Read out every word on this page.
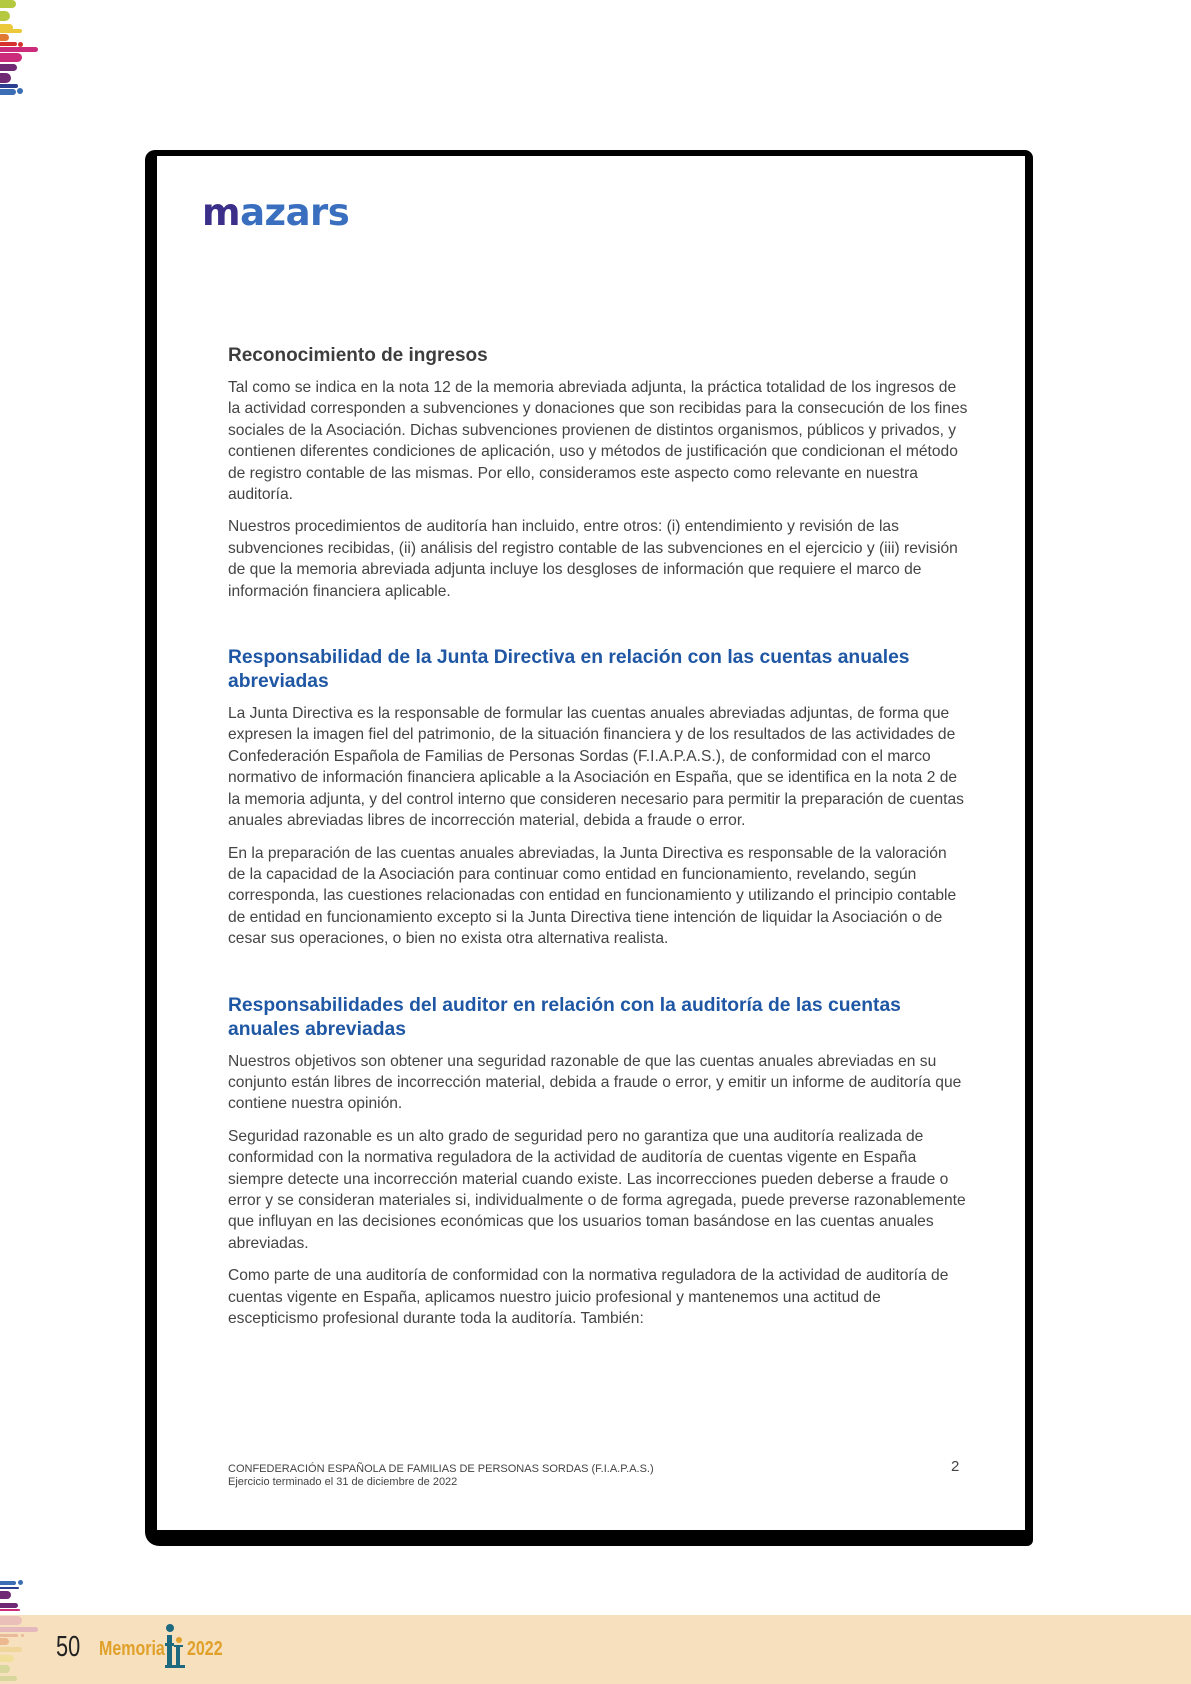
mazars
Reconocimiento de ingresos

Tal como se indica en la nota 12 de la memoria abreviada adjunta, la práctica totalidad de los ingresos de la actividad corresponden a subvenciones y donaciones que son recibidas para la consecución de los fines sociales de la Asociación. Dichas subvenciones provienen de distintos organismos, públicos y privados, y contienen diferentes condiciones de aplicación, uso y métodos de justificación que condicionan el método de registro contable de las mismas. Por ello, consideramos este aspecto como relevante en nuestra auditoría.

Nuestros procedimientos de auditoría han incluido, entre otros: (i) entendimiento y revisión de las subvenciones recibidas, (ii) análisis del registro contable de las subvenciones en el ejercicio y (iii) revisión de que la memoria abreviada adjunta incluye los desgloses de información que requiere el marco de información financiera aplicable.

Responsabilidad de la Junta Directiva en relación con las cuentas anuales abreviadas

La Junta Directiva es la responsable de formular las cuentas anuales abreviadas adjuntas, de forma que expresen la imagen fiel del patrimonio, de la situación financiera y de los resultados de las actividades de Confederación Española de Familias de Personas Sordas (F.I.A.P.A.S.), de conformidad con el marco normativo de información financiera aplicable a la Asociación en España, que se identifica en la nota 2 de la memoria adjunta, y del control interno que consideren necesario para permitir la preparación de cuentas anuales abreviadas libres de incorrección material, debida a fraude o error.

En la preparación de las cuentas anuales abreviadas, la Junta Directiva es responsable de la valoración de la capacidad de la Asociación para continuar como entidad en funcionamiento, revelando, según corresponda, las cuestiones relacionadas con entidad en funcionamiento y utilizando el principio contable de entidad en funcionamiento excepto si la Junta Directiva tiene intención de liquidar la Asociación o de cesar sus operaciones, o bien no exista otra alternativa realista.

Responsabilidades del auditor en relación con la auditoría de las cuentas anuales abreviadas

Nuestros objetivos son obtener una seguridad razonable de que las cuentas anuales abreviadas en su conjunto están libres de incorrección material, debida a fraude o error, y emitir un informe de auditoría que contiene nuestra opinión.

Seguridad razonable es un alto grado de seguridad pero no garantiza que una auditoría realizada de conformidad con la normativa reguladora de la actividad de auditoría de cuentas vigente en España siempre detecte una incorrección material cuando existe. Las incorrecciones pueden deberse a fraude o error y se consideran materiales si, individualmente o de forma agregada, puede preverse razonablemente que influyan en las decisiones económicas que los usuarios toman basándose en las cuentas anuales abreviadas.

Como parte de una auditoría de conformidad con la normativa reguladora de la actividad de auditoría de cuentas vigente en España, aplicamos nuestro juicio profesional y mantenemos una actitud de escepticismo profesional durante toda la auditoría. También:

CONFEDERACIÓN ESPAÑOLA DE FAMILIAS DE PERSONAS SORDAS (F.I.A.P.A.S.)
Ejercicio terminado el 31 de diciembre de 2022
2
50 Memoria 2022
